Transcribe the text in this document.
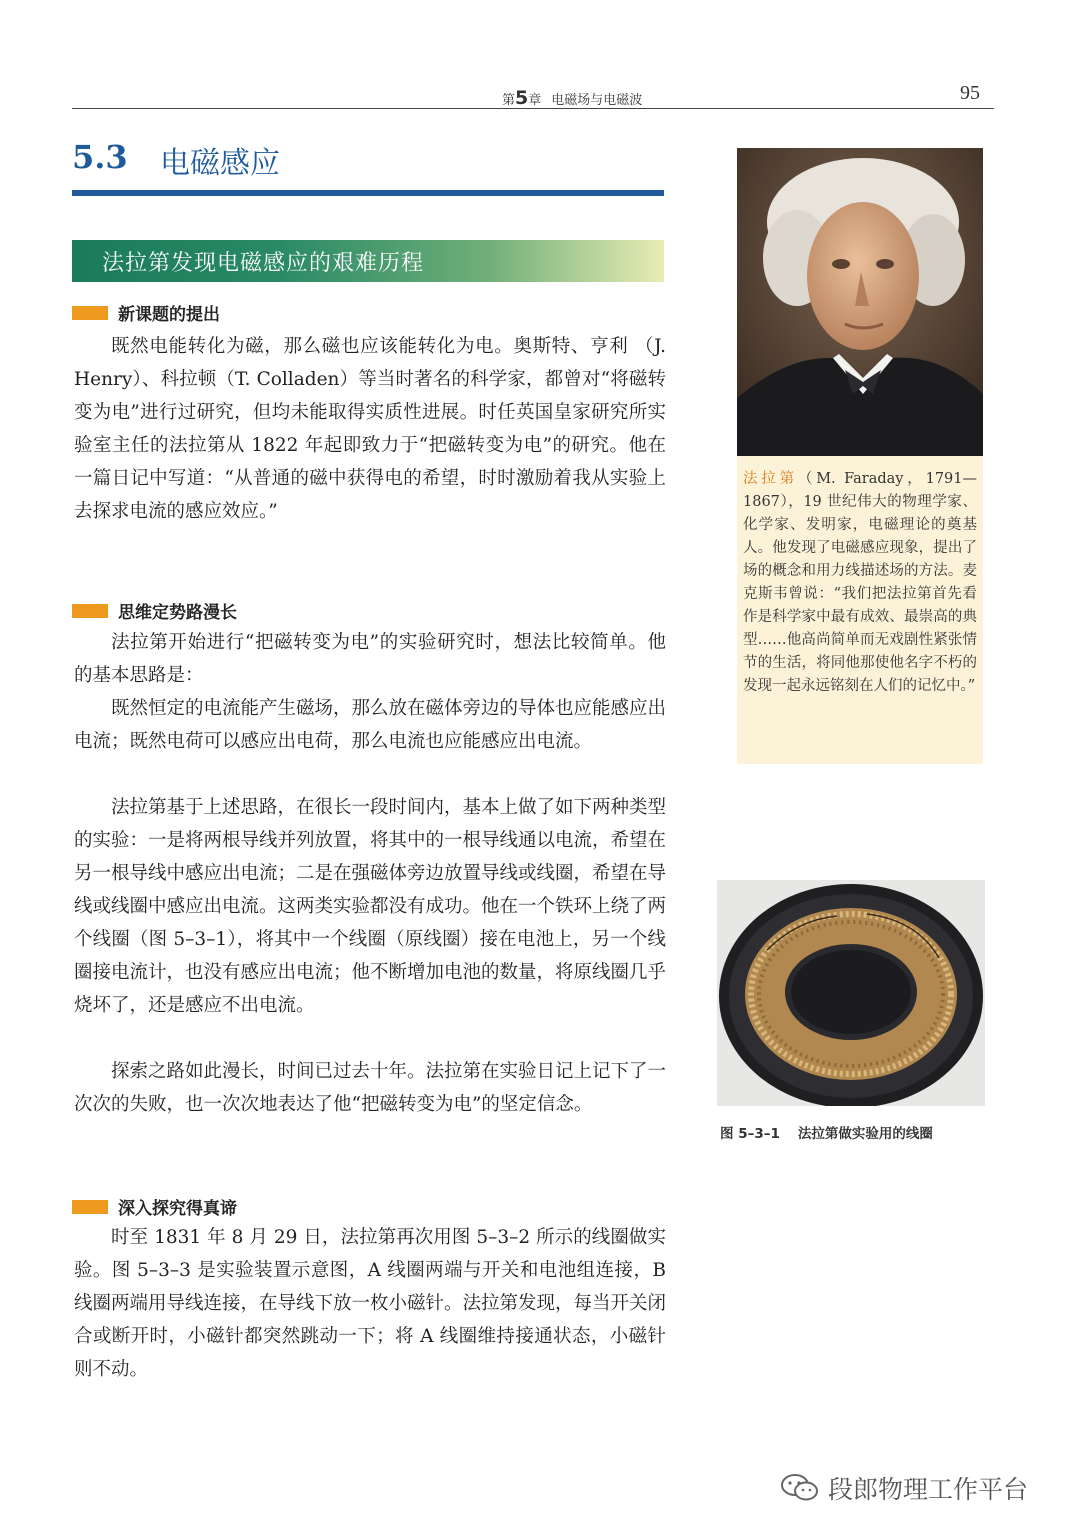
第5章 电磁场与电磁波	95
5.3 电磁感应
法拉第发现电磁感应的艰难历程
新课题的提出

既然电能转化为磁，那么磁也应该能转化为电。奥斯特、亨利 （J. Henry）、科拉顿（T. Colladen）等当时著名的科学家，都曾对“将磁转变为电”进行过研究，但均未能取得实质性进展。时任英国皇家研究所实验室主任的法拉第从 1822 年起即致力于“把磁转变为电”的研究。他在一篇日记中写道：“从普通的磁中获得电的希望，时时激励着我从实验上去探求电流的感应效应。”

思维定势路漫长

法拉第开始进行“把磁转变为电”的实验研究时，想法比较简单。他的基本思路是：

既然恒定的电流能产生磁场，那么放在磁体旁边的导体也应能感应出电流；既然电荷可以感应出电荷，那么电流也应能感应出电流。

法拉第基于上述思路，在很长一段时间内，基本上做了如下两种类型的实验：一是将两根导线并列放置，将其中的一根导线通以电流，希望在另一根导线中感应出电流；二是在强磁体旁边放置导线或线圈，希望在导线或线圈中感应出电流。这两类实验都没有成功。他在一个铁环上绕了两个线圈（图 5–3–1），将其中一个线圈（原线圈）接在电池上，另一个线圈接电流计，也没有感应出电流；他不断增加电池的数量，将原线圈几乎烧坏了，还是感应不出电流。

探索之路如此漫长，时间已过去十年。法拉第在实验日记上记下了一次次的失败，也一次次地表达了他“把磁转变为电”的坚定信念。

深入探究得真谛

时至 1831 年 8 月 29 日，法拉第再次用图 5–3–2 所示的线圈做实验。图 5–3–3 是实验装置示意图，A 线圈两端与开关和电池组连接，B 线圈两端用导线连接，在导线下放一枚小磁针。法拉第发现，每当开关闭合或断开时，小磁针都突然跳动一下；将 A 线圈维持接通状态，小磁针则不动。

法拉第（M. Faraday，1791—1867），19 世纪伟大的物理学家、化学家、发明家，电磁理论的奠基人。他发现了电磁感应现象，提出了场的概念和用力线描述场的方法。麦克斯韦曾说：“我们把法拉第首先看作是科学家中最有成效、最崇高的典型……他高尚简单而无戏剧性紧张情节的生活，将同他那使他名字不朽的发现一起永远铭刻在人们的记忆中。”

图 5–3–1 法拉第做实验用的线圈
段郎物理工作平台
